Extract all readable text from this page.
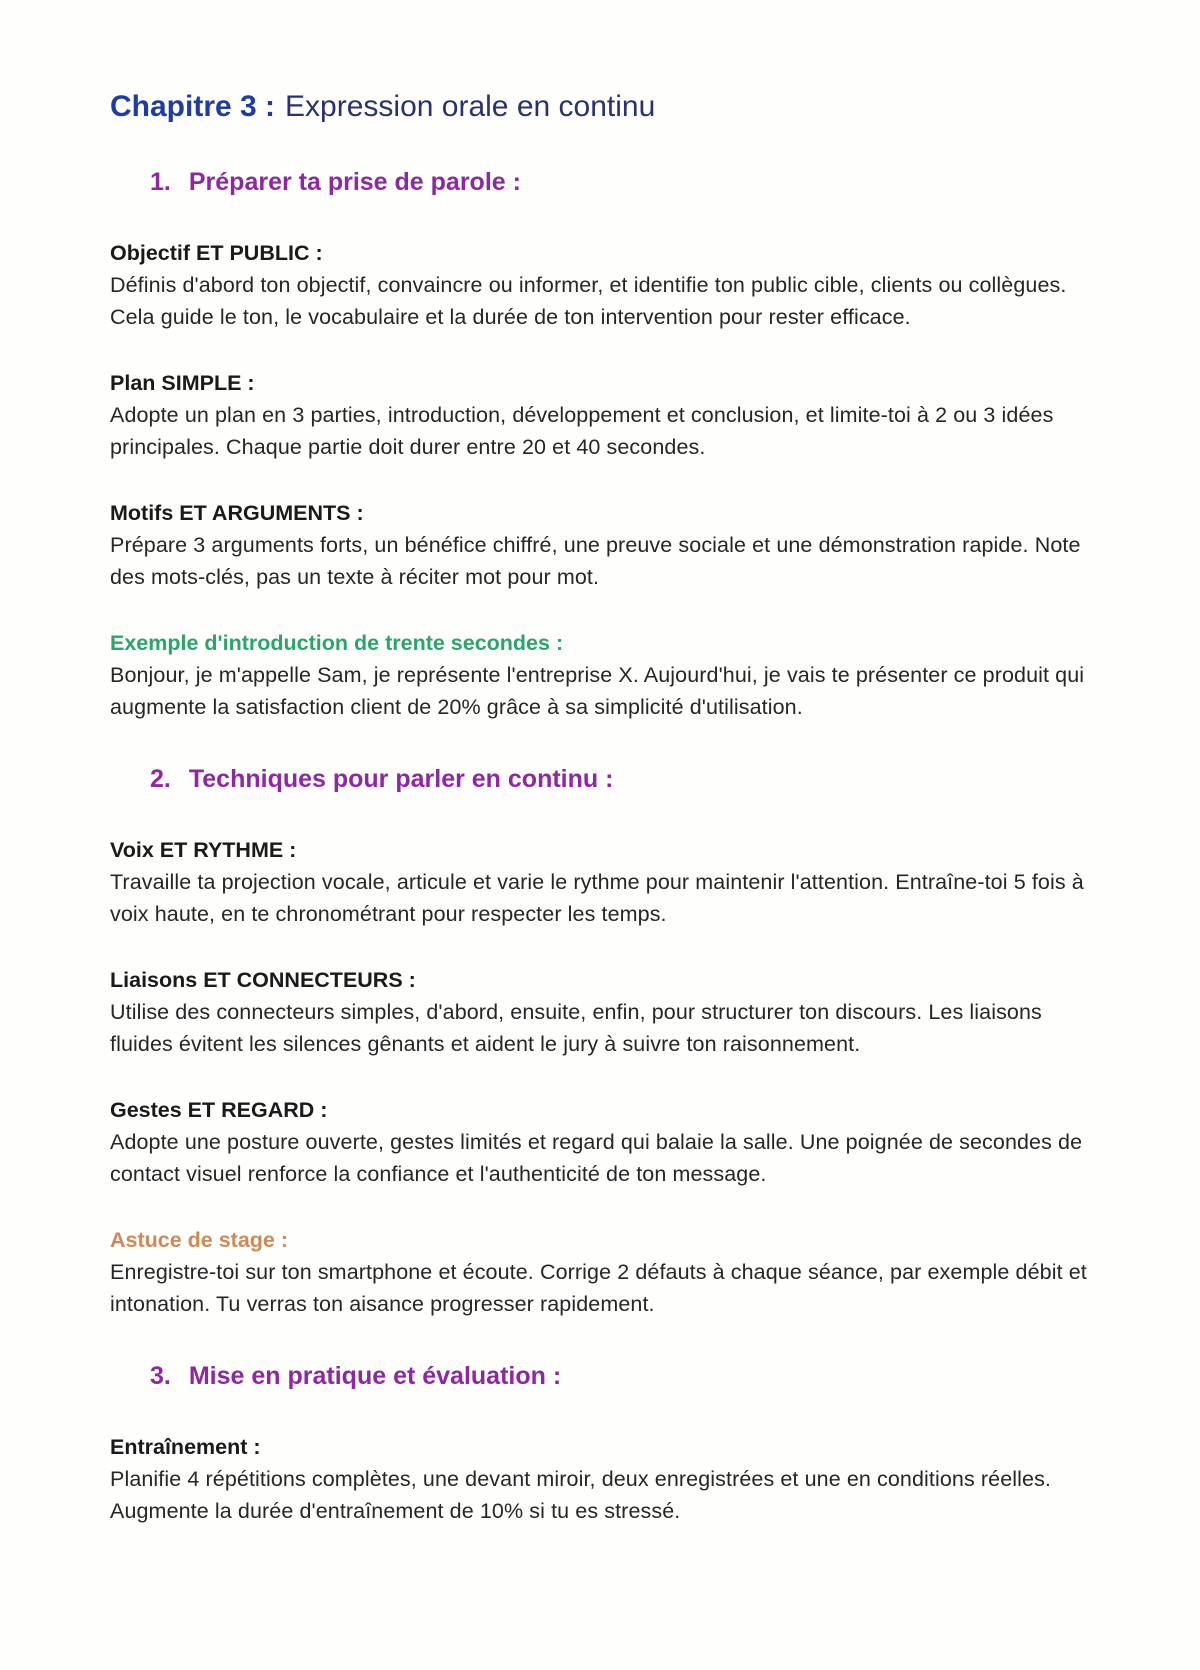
Chapitre 3 : Expression orale en continu
1. Préparer ta prise de parole :
Objectif ET PUBLIC :

Définis d'abord ton objectif, convaincre ou informer, et identifie ton public cible, clients ou collègues. Cela guide le ton, le vocabulaire et la durée de ton intervention pour rester efficace.

Plan SIMPLE :

Adopte un plan en 3 parties, introduction, développement et conclusion, et limite-toi à 2 ou 3 idées principales. Chaque partie doit durer entre 20 et 40 secondes.

Motifs ET ARGUMENTS :

Prépare 3 arguments forts, un bénéfice chiffré, une preuve sociale et une démonstration rapide. Note des mots-clés, pas un texte à réciter mot pour mot.

Exemple d'introduction de trente secondes :

Bonjour, je m'appelle Sam, je représente l'entreprise X. Aujourd'hui, je vais te présenter ce produit qui augmente la satisfaction client de 20% grâce à sa simplicité d'utilisation.

2. Techniques pour parler en continu :
Voix ET RYTHME :

Travaille ta projection vocale, articule et varie le rythme pour maintenir l'attention. Entraîne-toi 5 fois à voix haute, en te chronométrant pour respecter les temps.

Liaisons ET CONNECTEURS :

Utilise des connecteurs simples, d'abord, ensuite, enfin, pour structurer ton discours. Les liaisons fluides évitent les silences gênants et aident le jury à suivre ton raisonnement.

Gestes ET REGARD :

Adopte une posture ouverte, gestes limités et regard qui balaie la salle. Une poignée de secondes de contact visuel renforce la confiance et l'authenticité de ton message.

Astuce de stage :

Enregistre-toi sur ton smartphone et écoute. Corrige 2 défauts à chaque séance, par exemple débit et intonation. Tu verras ton aisance progresser rapidement.

3. Mise en pratique et évaluation :
Entraînement :

Planifie 4 répétitions complètes, une devant miroir, deux enregistrées et une en conditions réelles. Augmente la durée d'entraînement de 10% si tu es stressé.
